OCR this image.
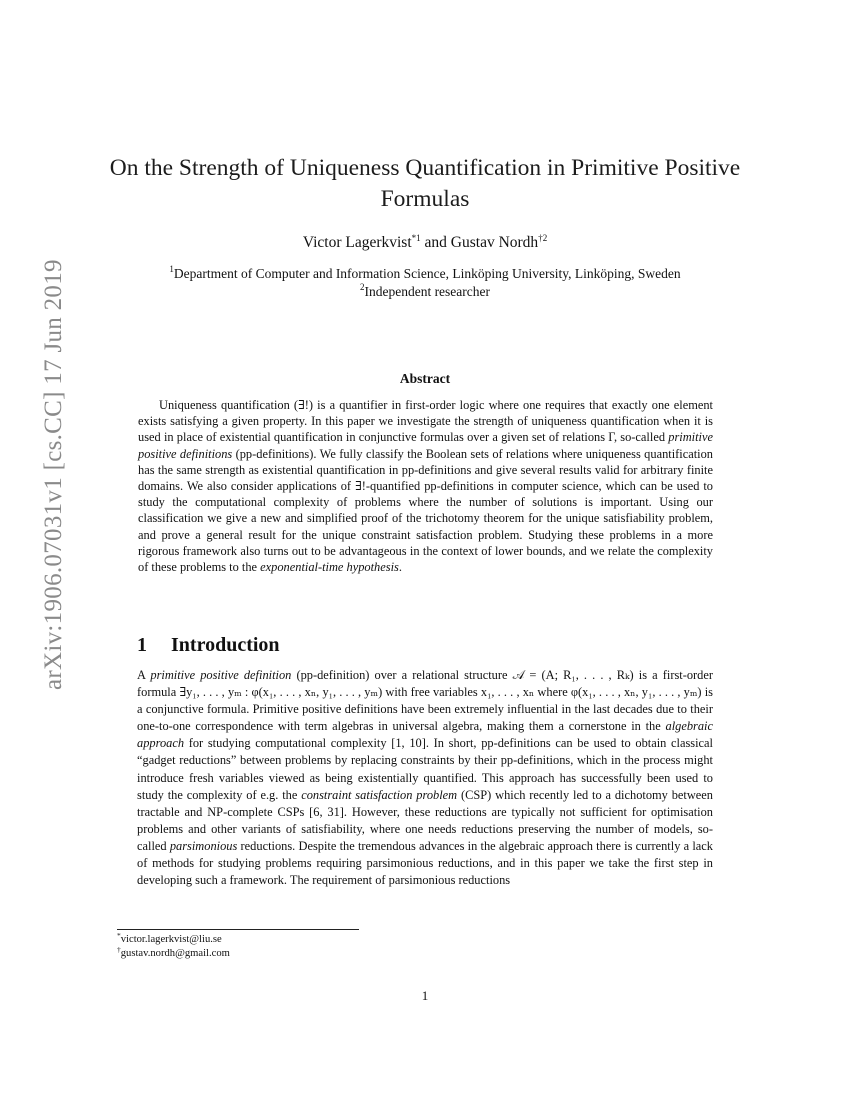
arXiv:1906.07031v1 [cs.CC] 17 Jun 2019
On the Strength of Uniqueness Quantification in Primitive Positive Formulas
Victor Lagerkvist$^{*1}$ and Gustav Nordh$^{\dagger 2}$
$^1$Department of Computer and Information Science, Linköping University, Linköping, Sweden
$^2$Independent researcher
Abstract

Uniqueness quantification (∃!) is a quantifier in first-order logic where one requires that exactly one element exists satisfying a given property. In this paper we investigate the strength of uniqueness quantification when it is used in place of existential quantification in conjunctive formulas over a given set of relations Γ, so-called primitive positive definitions (pp-definitions). We fully classify the Boolean sets of relations where uniqueness quantification has the same strength as existential quantification in pp-definitions and give several results valid for arbitrary finite domains. We also consider applications of ∃!-quantified pp-definitions in computer science, which can be used to study the computational complexity of problems where the number of solutions is important. Using our classification we give a new and simplified proof of the trichotomy theorem for the unique satisfiability problem, and prove a general result for the unique constraint satisfaction problem. Studying these problems in a more rigorous framework also turns out to be advantageous in the context of lower bounds, and we relate the complexity of these problems to the exponential-time hypothesis.

1 Introduction

A primitive positive definition (pp-definition) over a relational structure 𝒜 = (A; R₁, . . . , Rₖ) is a first-order formula ∃y₁, . . . , yₘ : φ(x₁, . . . , xₙ, y₁, . . . , yₘ) with free variables x₁, . . . , xₙ where φ(x₁, . . . , xₙ, y₁, . . . , yₘ) is a conjunctive formula. Primitive positive definitions have been extremely influential in the last decades due to their one-to-one correspondence with term algebras in universal algebra, making them a cornerstone in the algebraic approach for studying computational complexity [1, 10]. In short, pp-definitions can be used to obtain classical “gadget reductions” between problems by replacing constraints by their pp-definitions, which in the process might introduce fresh variables viewed as being existentially quantified. This approach has successfully been used to study the complexity of e.g. the constraint satisfaction problem (CSP) which recently led to a dichotomy between tractable and NP-complete CSPs [6, 31]. However, these reductions are typically not sufficient for optimisation problems and other variants of satisfiability, where one needs reductions preserving the number of models, so-called parsimonious reductions. Despite the tremendous advances in the algebraic approach there is currently a lack of methods for studying problems requiring parsimonious reductions, and in this paper we take the first step in developing such a framework. The requirement of parsimonious reductions

*victor.lagerkvist@liu.se
†gustav.nordh@gmail.com
1
